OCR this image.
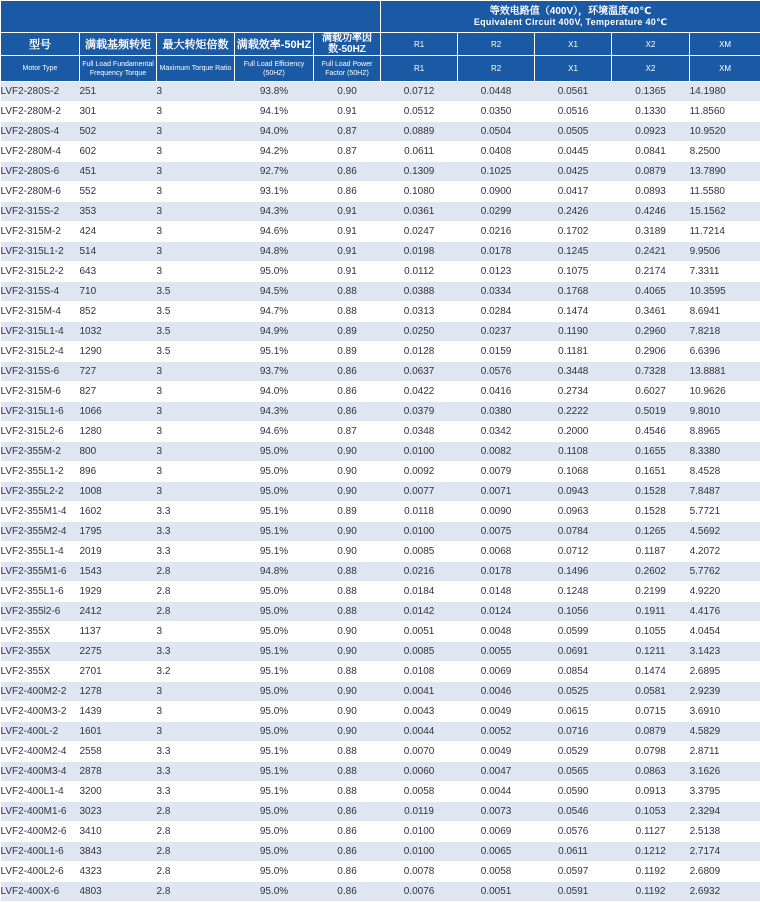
					等效电路值（400V），环境温度40℃
Equivalent Circuit 400V, Temperature 40℃				

型号	满载基频转矩	最大转矩倍数	满载效率-50HZ	满载功率因数-50HZ	R1	R2	X1	X2	XM
Motor Type	Full Load Fundamental Frequency Torque	Maximum Torque Ratio	Full Load Efficiency (50HZ)	Full Load Power Factor (50HZ)	R1	R2	X1	X2	XM
LVF2-280S-2	251	3	93.8%	0.90	0.0712	0.0448	0.0561	0.1365	14.1980
LVF2-280M-2	301	3	94.1%	0.91	0.0512	0.0350	0.0516	0.1330	11.8560
LVF2-280S-4	502	3	94.0%	0.87	0.0889	0.0504	0.0505	0.0923	10.9520
LVF2-280M-4	602	3	94.2%	0.87	0.0611	0.0408	0.0445	0.0841	8.2500
LVF2-280S-6	451	3	92.7%	0.86	0.1309	0.1025	0.0425	0.0879	13.7890
LVF2-280M-6	552	3	93.1%	0.86	0.1080	0.0900	0.0417	0.0893	11.5580
LVF2-315S-2	353	3	94.3%	0.91	0.0361	0.0299	0.2426	0.4246	15.1562
LVF2-315M-2	424	3	94.6%	0.91	0.0247	0.0216	0.1702	0.3189	11.7214
LVF2-315L1-2	514	3	94.8%	0.91	0.0198	0.0178	0.1245	0.2421	9.9506
LVF2-315L2-2	643	3	95.0%	0.91	0.0112	0.0123	0.1075	0.2174	7.3311
LVF2-315S-4	710	3.5	94.5%	0.88	0.0388	0.0334	0.1768	0.4065	10.3595
LVF2-315M-4	852	3.5	94.7%	0.88	0.0313	0.0284	0.1474	0.3461	8.6941
LVF2-315L1-4	1032	3.5	94.9%	0.89	0.0250	0.0237	0.1190	0.2960	7.8218
LVF2-315L2-4	1290	3.5	95.1%	0.89	0.0128	0.0159	0.1181	0.2906	6.6396
LVF2-315S-6	727	3	93.7%	0.86	0.0637	0.0576	0.3448	0.7328	13.8881
LVF2-315M-6	827	3	94.0%	0.86	0.0422	0.0416	0.2734	0.6027	10.9626
LVF2-315L1-6	1066	3	94.3%	0.86	0.0379	0.0380	0.2222	0.5019	9.8010
LVF2-315L2-6	1280	3	94.6%	0.87	0.0348	0.0342	0.2000	0.4546	8.8965
LVF2-355M-2	800	3	95.0%	0.90	0.0100	0.0082	0.1108	0.1655	8.3380
LVF2-355L1-2	896	3	95.0%	0.90	0.0092	0.0079	0.1068	0.1651	8.4528
LVF2-355L2-2	1008	3	95.0%	0.90	0.0077	0.0071	0.0943	0.1528	7.8487
LVF2-355M1-4	1602	3.3	95.1%	0.89	0.0118	0.0090	0.0963	0.1528	5.7721
LVF2-355M2-4	1795	3.3	95.1%	0.90	0.0100	0.0075	0.0784	0.1265	4.5692
LVF2-355L1-4	2019	3.3	95.1%	0.90	0.0085	0.0068	0.0712	0.1187	4.2072
LVF2-355M1-6	1543	2.8	94.8%	0.88	0.0216	0.0178	0.1496	0.2602	5.7762
LVF2-355L1-6	1929	2.8	95.0%	0.88	0.0184	0.0148	0.1248	0.2199	4.9220
LVF2-355l2-6	2412	2.8	95.0%	0.88	0.0142	0.0124	0.1056	0.1911	4.4176
LVF2-355X	1137	3	95.0%	0.90	0.0051	0.0048	0.0599	0.1055	4.0454
LVF2-355X	2275	3.3	95.1%	0.90	0.0085	0.0055	0.0691	0.1211	3.1423
LVF2-355X	2701	3.2	95.1%	0.88	0.0108	0.0069	0.0854	0.1474	2.6895
LVF2-400M2-2	1278	3	95.0%	0.90	0.0041	0.0046	0.0525	0.0581	2.9239
LVF2-400M3-2	1439	3	95.0%	0.90	0.0043	0.0049	0.0615	0.0715	3.6910
LVF2-400L-2	1601	3	95.0%	0.90	0.0044	0.0052	0.0716	0.0879	4.5829
LVF2-400M2-4	2558	3.3	95.1%	0.88	0.0070	0.0049	0.0529	0.0798	2.8711
LVF2-400M3-4	2878	3.3	95.1%	0.88	0.0060	0.0047	0.0565	0.0863	3.1626
LVF2-400L1-4	3200	3.3	95.1%	0.88	0.0058	0.0044	0.0590	0.0913	3.3795
LVF2-400M1-6	3023	2.8	95.0%	0.86	0.0119	0.0073	0.0546	0.1053	2.3294
LVF2-400M2-6	3410	2.8	95.0%	0.86	0.0100	0.0069	0.0576	0.1127	2.5138
LVF2-400L1-6	3843	2.8	95.0%	0.86	0.0100	0.0065	0.0611	0.1212	2.7174
LVF2-400L2-6	4323	2.8	95.0%	0.86	0.0078	0.0058	0.0597	0.1192	2.6809
LVF2-400X-6	4803	2.8	95.0%	0.86	0.0076	0.0051	0.0591	0.1192	2.6932
